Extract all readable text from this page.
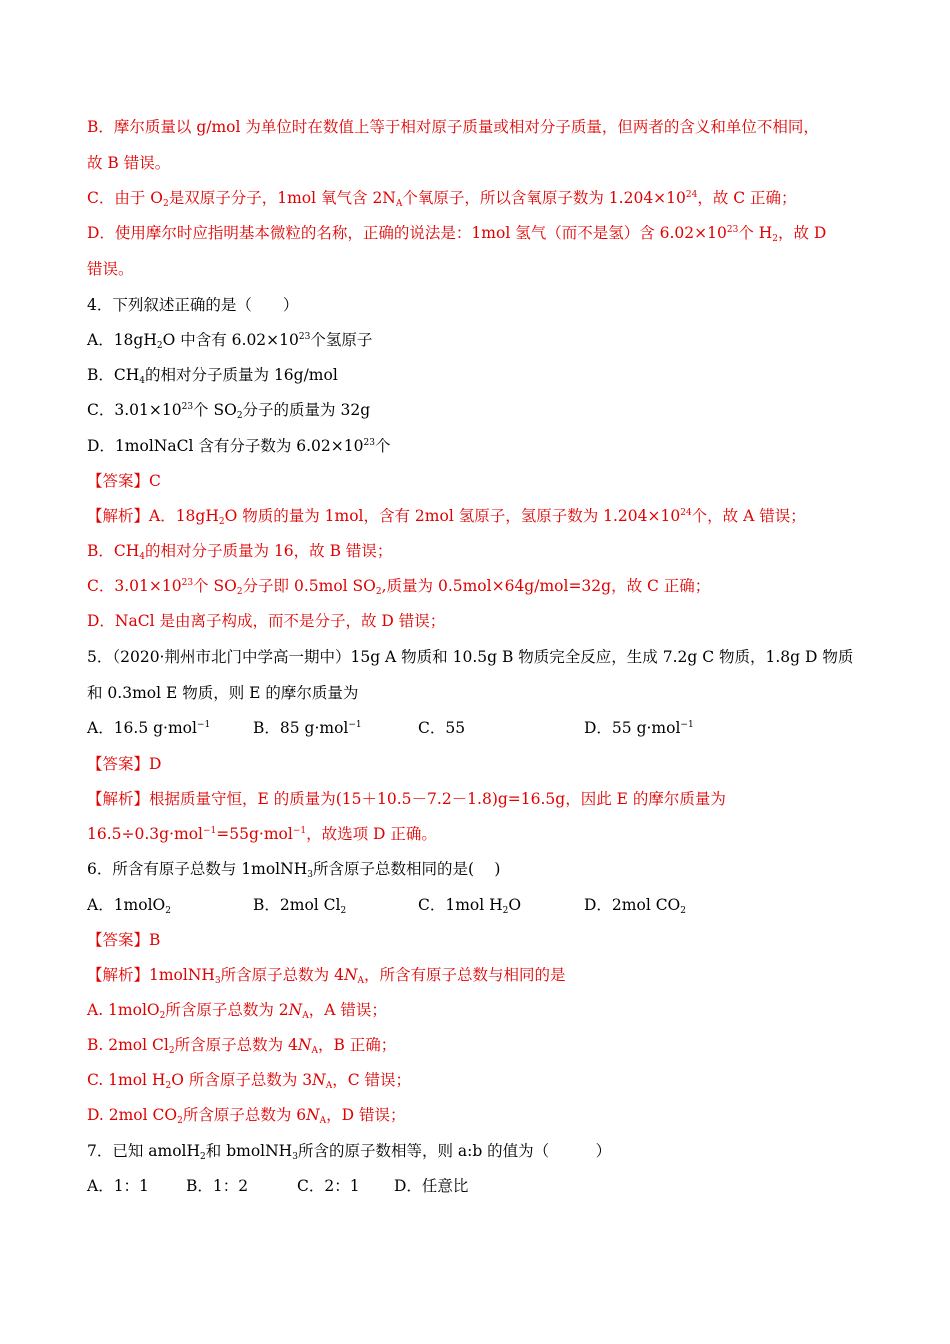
B．摩尔质量以 g/mol 为单位时在数值上等于相对原子质量或相对分子质量，但两者的含义和单位不相同，
故 B 错误。
C．由于 $O_2$是双原子分子，1mol 氧气含 $2N_A$个氧原子，所以含氧原子数为 $1.204\times 10^{24}$，故 C 正确；
D．使用摩尔时应指明基本微粒的名称，正确的说法是：1mol 氢气（而不是氢）含 $6.02\times 10^{23}$个 $H_2$，故 D
错误。
4．下列叙述正确的是（　　）
A．$18gH_2O$ 中含有 $6.02\times 10^{23}$个氢原子
B．$CH_4$的相对分子质量为 16g/mol
C．$3.01\times 10^{23}$个 $SO_2$分子的质量为 32g
D．1molNaCl 含有分子数为 $6.02\times 10^{23}$个
【答案】C
【解析】A．$18gH_2O$ 物质的量为 1mol，含有 2mol 氢原子，氢原子数为 $1.204\times 10^{24}$个，故 A 错误；
B．$CH_4$的相对分子质量为 16，故 B 错误；
C．$3.01\times 10^{23}$个 $SO_2$分子即 0.5mol $SO_2$,质量为 0.5mol×64g/mol=32g，故 C 正确；
D．NaCl 是由离子构成，而不是分子，故 D 错误；
5．（2020·荆州市北门中学高一期中）15g A 物质和 10.5g B 物质完全反应，生成 7.2g C 物质，1.8g D 物质
和 0.3mol E 物质，则 E 的摩尔质量为
A．16.5 g·mol$^{-1}$	B．85 g·mol$^{-1}$	C．55	D．55 g·mol$^{-1}$
【答案】D
【解析】根据质量守恒，E 的质量为(15＋10.5－7.2－1.8)g=16.5g，因此 E 的摩尔质量为
16.5÷0.3g·mol$^{-1}$=55g·mol$^{-1}$，故选项 D 正确。
6．所含有原子总数与 1molNH$_3$所含原子总数相同的是(　 )
A．1molO$_2$	B．2mol $Cl_2$	C．1mol $H_2O$	D．2mol $CO_2$
【答案】B
【解析】1molNH$_3$所含原子总数为 $4N_A$，所含有原子总数与相同的是
A. 1molO$_2$所含原子总数为 $2N_A$，A 错误；
B. 2mol $Cl_2$所含原子总数为 $4N_A$，B 正确；
C. 1mol $H_2O$ 所含原子总数为 $3N_A$，C 错误；
D. 2mol $CO_2$所含原子总数为 $6N_A$，D 错误；
7．已知 amolH$_2$和 bmolNH$_3$所含的原子数相等，则 a:b 的值为（　　　）
A．1：1 B．1：2	C．2：1 D．任意比
